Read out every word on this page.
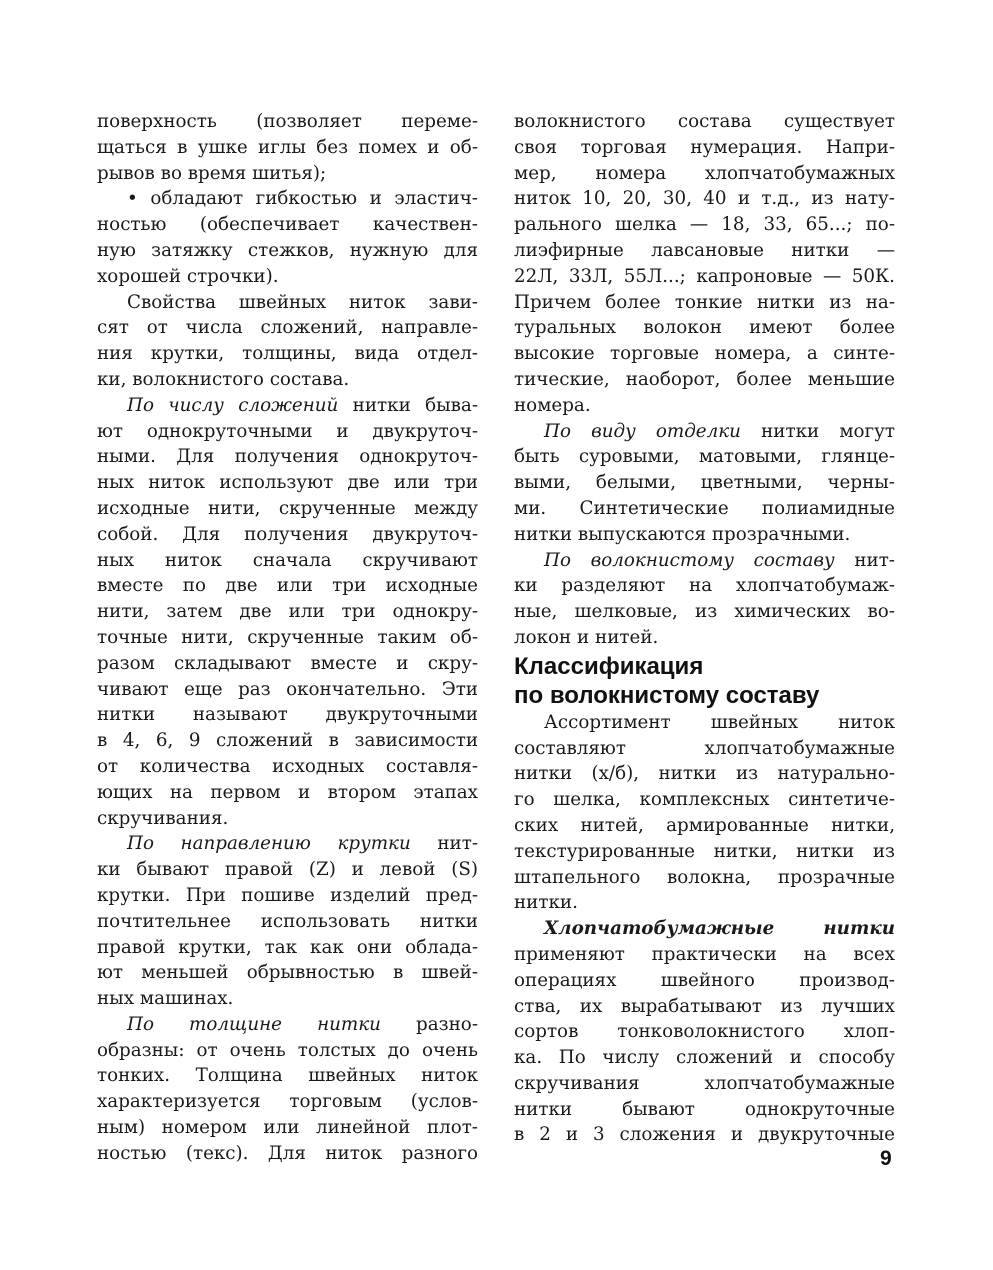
поверхность (позволяет переме-
щаться в ушке иглы без помех и об-
рывов во время шитья);
• обладают гибкостью и эластич-
ностью (обеспечивает качествен-
ную затяжку стежков, нужную для
хорошей строчки).
Свойства швейных ниток зави-
сят от числа сложений, направле-
ния крутки, толщины, вида отдел-
ки, волокнистого состава.
По числу сложений нитки быва-
ют однокруточными и двукруточ-
ными. Для получения однокруточ-
ных ниток используют две или три
исходные нити, скрученные между
собой. Для получения двукруточ-
ных ниток сначала скручивают
вместе по две или три исходные
нити, затем две или три однокру-
точные нити, скрученные таким об-
разом складывают вместе и скру-
чивают еще раз окончательно. Эти
нитки называют двукруточными
в 4, 6, 9 сложений в зависимости
от количества исходных составля-
ющих на первом и втором этапах
скручивания.
По направлению крутки нит-
ки бывают правой (Z) и левой (S)
крутки. При пошиве изделий пред-
почтительнее использовать нитки
правой крутки, так как они облада-
ют меньшей обрывностью в швей-
ных машинах.
По толщине нитки разно-
образны: от очень толстых до очень
тонких. Толщина швейных ниток
характеризуется торговым (услов-
ным) номером или линейной плот-
ностью (текс). Для ниток разного
волокнистого состава существует
своя торговая нумерация. Напри-
мер, номера хлопчатобумажных
ниток 10, 20, 30, 40 и т.д., из нату-
рального шелка — 18, 33, 65...; по-
лиэфирные лавсановые нитки —
22Л, 33Л, 55Л...; капроновые — 50К.
Причем более тонкие нитки из на-
туральных волокон имеют более
высокие торговые номера, а синте-
тические, наоборот, более меньшие
номера.
По виду отделки нитки могут
быть суровыми, матовыми, глянце-
выми, белыми, цветными, черны-
ми. Синтетические полиамидные
нитки выпускаются прозрачными.
По волокнистому составу нит-
ки разделяют на хлопчатобумаж-
ные, шелковые, из химических во-
локон и нитей.
Классификация
по волокнистому составу
Ассортимент швейных ниток
составляют хлопчатобумажные
нитки (х/б), нитки из натурально-
го шелка, комплексных синтетиче-
ских нитей, армированные нитки,
текстурированные нитки, нитки из
штапельного волокна, прозрачные
нитки.
Хлопчатобумажные нитки
применяют практически на всех
операциях швейного производ-
ства, их вырабатывают из лучших
сортов тонковолокнистого хлоп-
ка. По числу сложений и способу
скручивания хлопчатобумажные
нитки бывают однокруточные
в 2 и 3 сложения и двукруточные
9
